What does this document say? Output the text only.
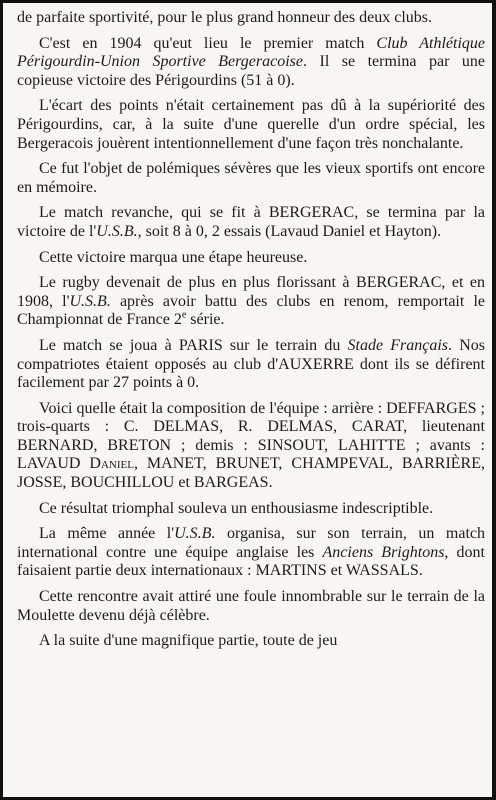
de parfaite sportivité, pour le plus grand honneur des deux clubs.

C'est en 1904 qu'eut lieu le premier match Club Athlétique Périgourdin-Union Sportive Bergeracoise. Il se termina par une copieuse victoire des Périgourdins (51 à 0).

L'écart des points n'était certainement pas dû à la supériorité des Périgourdins, car, à la suite d'une querelle d'un ordre spécial, les Bergeracois jouèrent intentionnellement d'une façon très nonchalante.

Ce fut l'objet de polémiques sévères que les vieux sportifs ont encore en mémoire.

Le match revanche, qui se fit à BERGERAC, se termina par la victoire de l'U.S.B., soit 8 à 0, 2 essais (Lavaud Daniel et Hayton).

Cette victoire marqua une étape heureuse.

Le rugby devenait de plus en plus florissant à BERGERAC, et en 1908, l'U.S.B. après avoir battu des clubs en renom, remportait le Championnat de France 2e série.

Le match se joua à PARIS sur le terrain du Stade Français. Nos compatriotes étaient opposés au club d'AUXERRE dont ils se défirent facilement par 27 points à 0.

Voici quelle était la composition de l'équipe : arrière : DEFFARGES ; trois-quarts : C. DELMAS, R. DELMAS, CARAT, lieutenant BERNARD, BRETON ; demis : SINSOUT, LAHITTE ; avants : LAVAUD Daniel, MANET, BRUNET, CHAMPEVAL, BARRIÈRE, JOSSE, BOUCHILLOU et BARGEAS.

Ce résultat triomphal souleva un enthousiasme indescriptible.

La même année l'U.S.B. organisa, sur son terrain, un match international contre une équipe anglaise les Anciens Brightons, dont faisaient partie deux internationaux : MARTINS et WASSALS.

Cette rencontre avait attiré une foule innombrable sur le terrain de la Moulette devenu déjà célèbre.

A la suite d'une magnifique partie, toute de jeu
